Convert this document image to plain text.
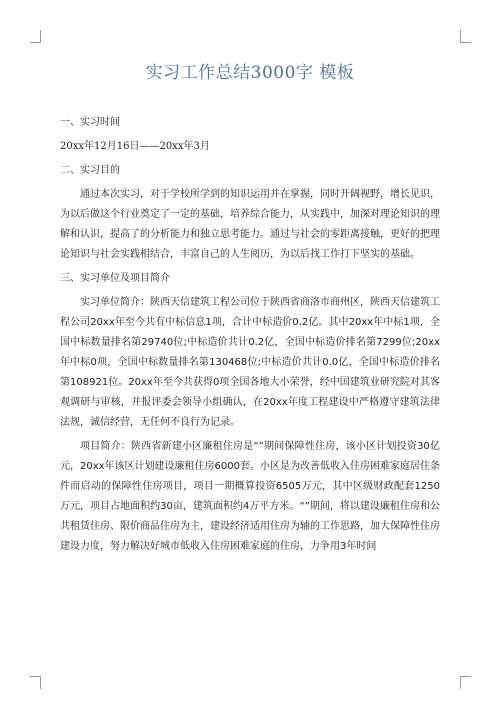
实习工作总结3000字 模板

一、实习时间

20xx年12月16日——20xx年3月

二、实习目的

通过本次实习，对于学校所学到的知识运用并在掌握，同时开阔视野，增长见识，为以后做这个行业奠定了一定的基础，培养综合能力，从实践中，加深对理论知识的理解和认识，提高了的分析能力和独立思考能力。通过与社会的零距离接触，更好的把理论知识与社会实践相结合，丰富自己的人生阅历，为以后找工作打下坚实的基础。

三、实习单位及项目简介

实习单位简介：陕西天信建筑工程公司位于陕西省商洛市商州区，陕西天信建筑工程公司20xx年至今共有中标信息1项，合计中标造价0.2亿。其中20xx年中标1项，全国中标数量排名第29740位;中标造价共计0.2亿，全国中标造价排名第7299位;20xx年中标0项，全国中标数量排名第130468位;中标造价共计0.0亿，全国中标造价排名第108921位。20xx年至今共获得0项全国各地大小荣誉，经中国建筑业研究院对其客观调研与审核，并报评委会领导小组确认，在20xx年度工程建设中严格遵守建筑法律法规，诚信经营，无任何不良行为记录。

项目简介：陕西省新建小区廉租住房是“”期间保障性住房，该小区计划投资30亿元，20xx年该区计划建设廉租住房6000套。小区是为改善低收入住房困难家庭居住条件而启动的保障性住房项目，项目一期概算投资6505万元，其中区级财政配套1250万元，项目占地面积约30亩，建筑面积约4万平方米。“”期间，将以建设廉租住房和公共租赁住房、限价商品住房为主，建设经济适用住房为辅的工作思路，加大保障性住房建设力度，努力解决好城市低收入住房困难家庭的住房，力争用3年时间
